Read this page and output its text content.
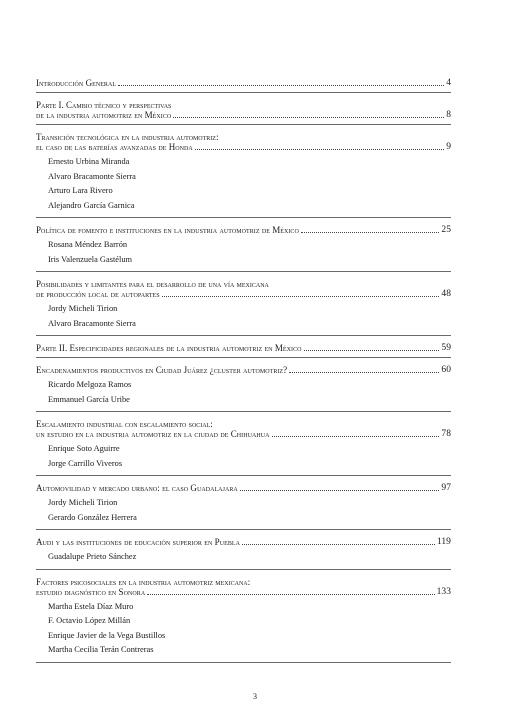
Introducción General	4
Parte I. Cambio técnico y perspectivas
de la industria automotriz en México	8
Transición tecnológica en la industria automotriz:
el caso de las baterías avanzadas de Honda	9
Ernesto Urbina Miranda
Alvaro Bracamonte Sierra
Arturo Lara Rivero
Alejandro García Garnica
Política de fomento e instituciones en la industria automotriz de México	25
Rosana Méndez Barrón
Iris Valenzuela Gastélum
Posibilidades y limitantes para el desarrollo de una vía mexicana
de producción local de autopartes	48
Jordy Micheli Tirion
Alvaro Bracamonte Sierra
Parte II. Especificidades regionales de la industria automotriz en México	59
Encadenamientos productivos en Ciudad Juárez ¿cluster automotriz?	60
Ricardo Melgoza Ramos
Emmanuel García Uribe
Escalamiento industrial con escalamiento social:
un estudio en la industria automotriz en la ciudad de Chihuahua	78
Enrique Soto Aguirre
Jorge Carrillo Viveros
Automovilidad y mercado urbano: el caso Guadalajara	97
Jordy Micheli Tirion
Gerardo González Herrera
Audi y las instituciones de educación superior en Puebla	119
Guadalupe Prieto Sánchez
Factores psicosociales en la industria automotriz mexicana:
estudio diagnóstico en Sonora	133
Martha Estela Díaz Muro
F. Octavio López Millán
Enrique Javier de la Vega Bustillos
Martha Cecilia Terán Contreras
3
